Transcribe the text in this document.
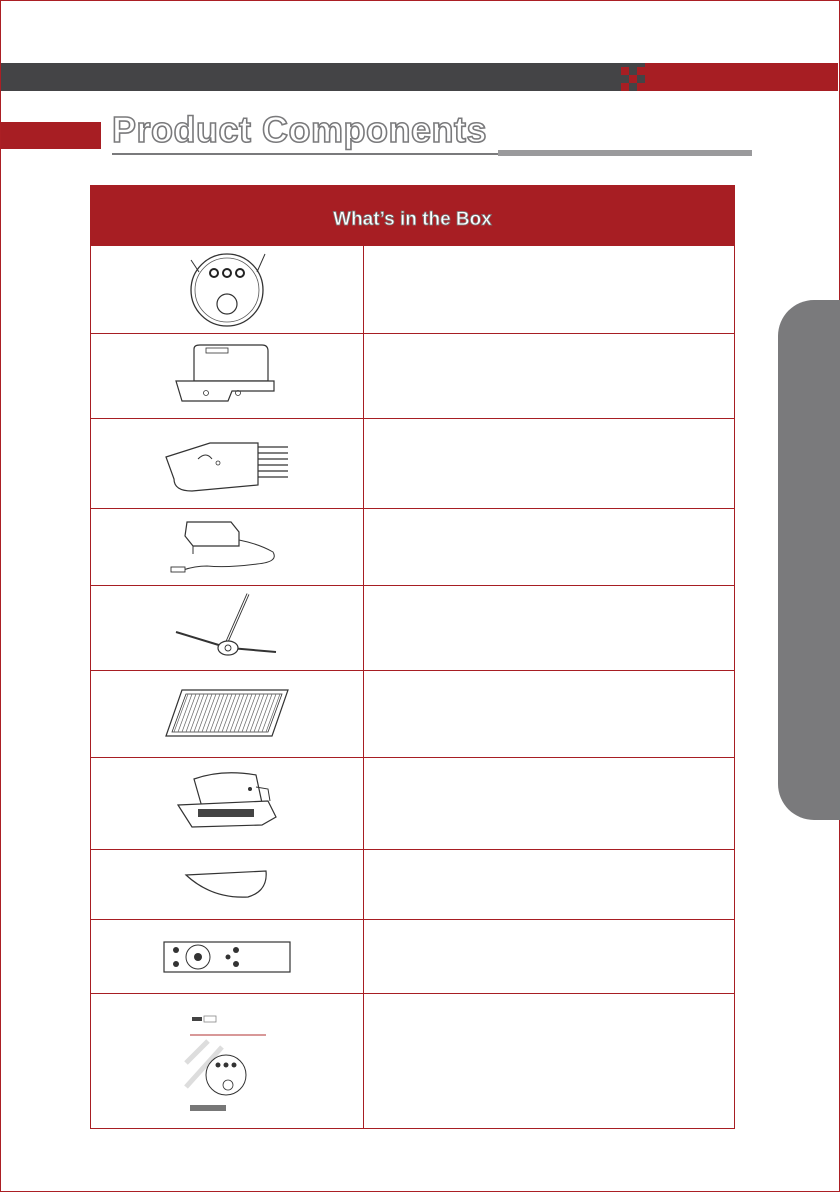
Product Components
What’s in the Box
